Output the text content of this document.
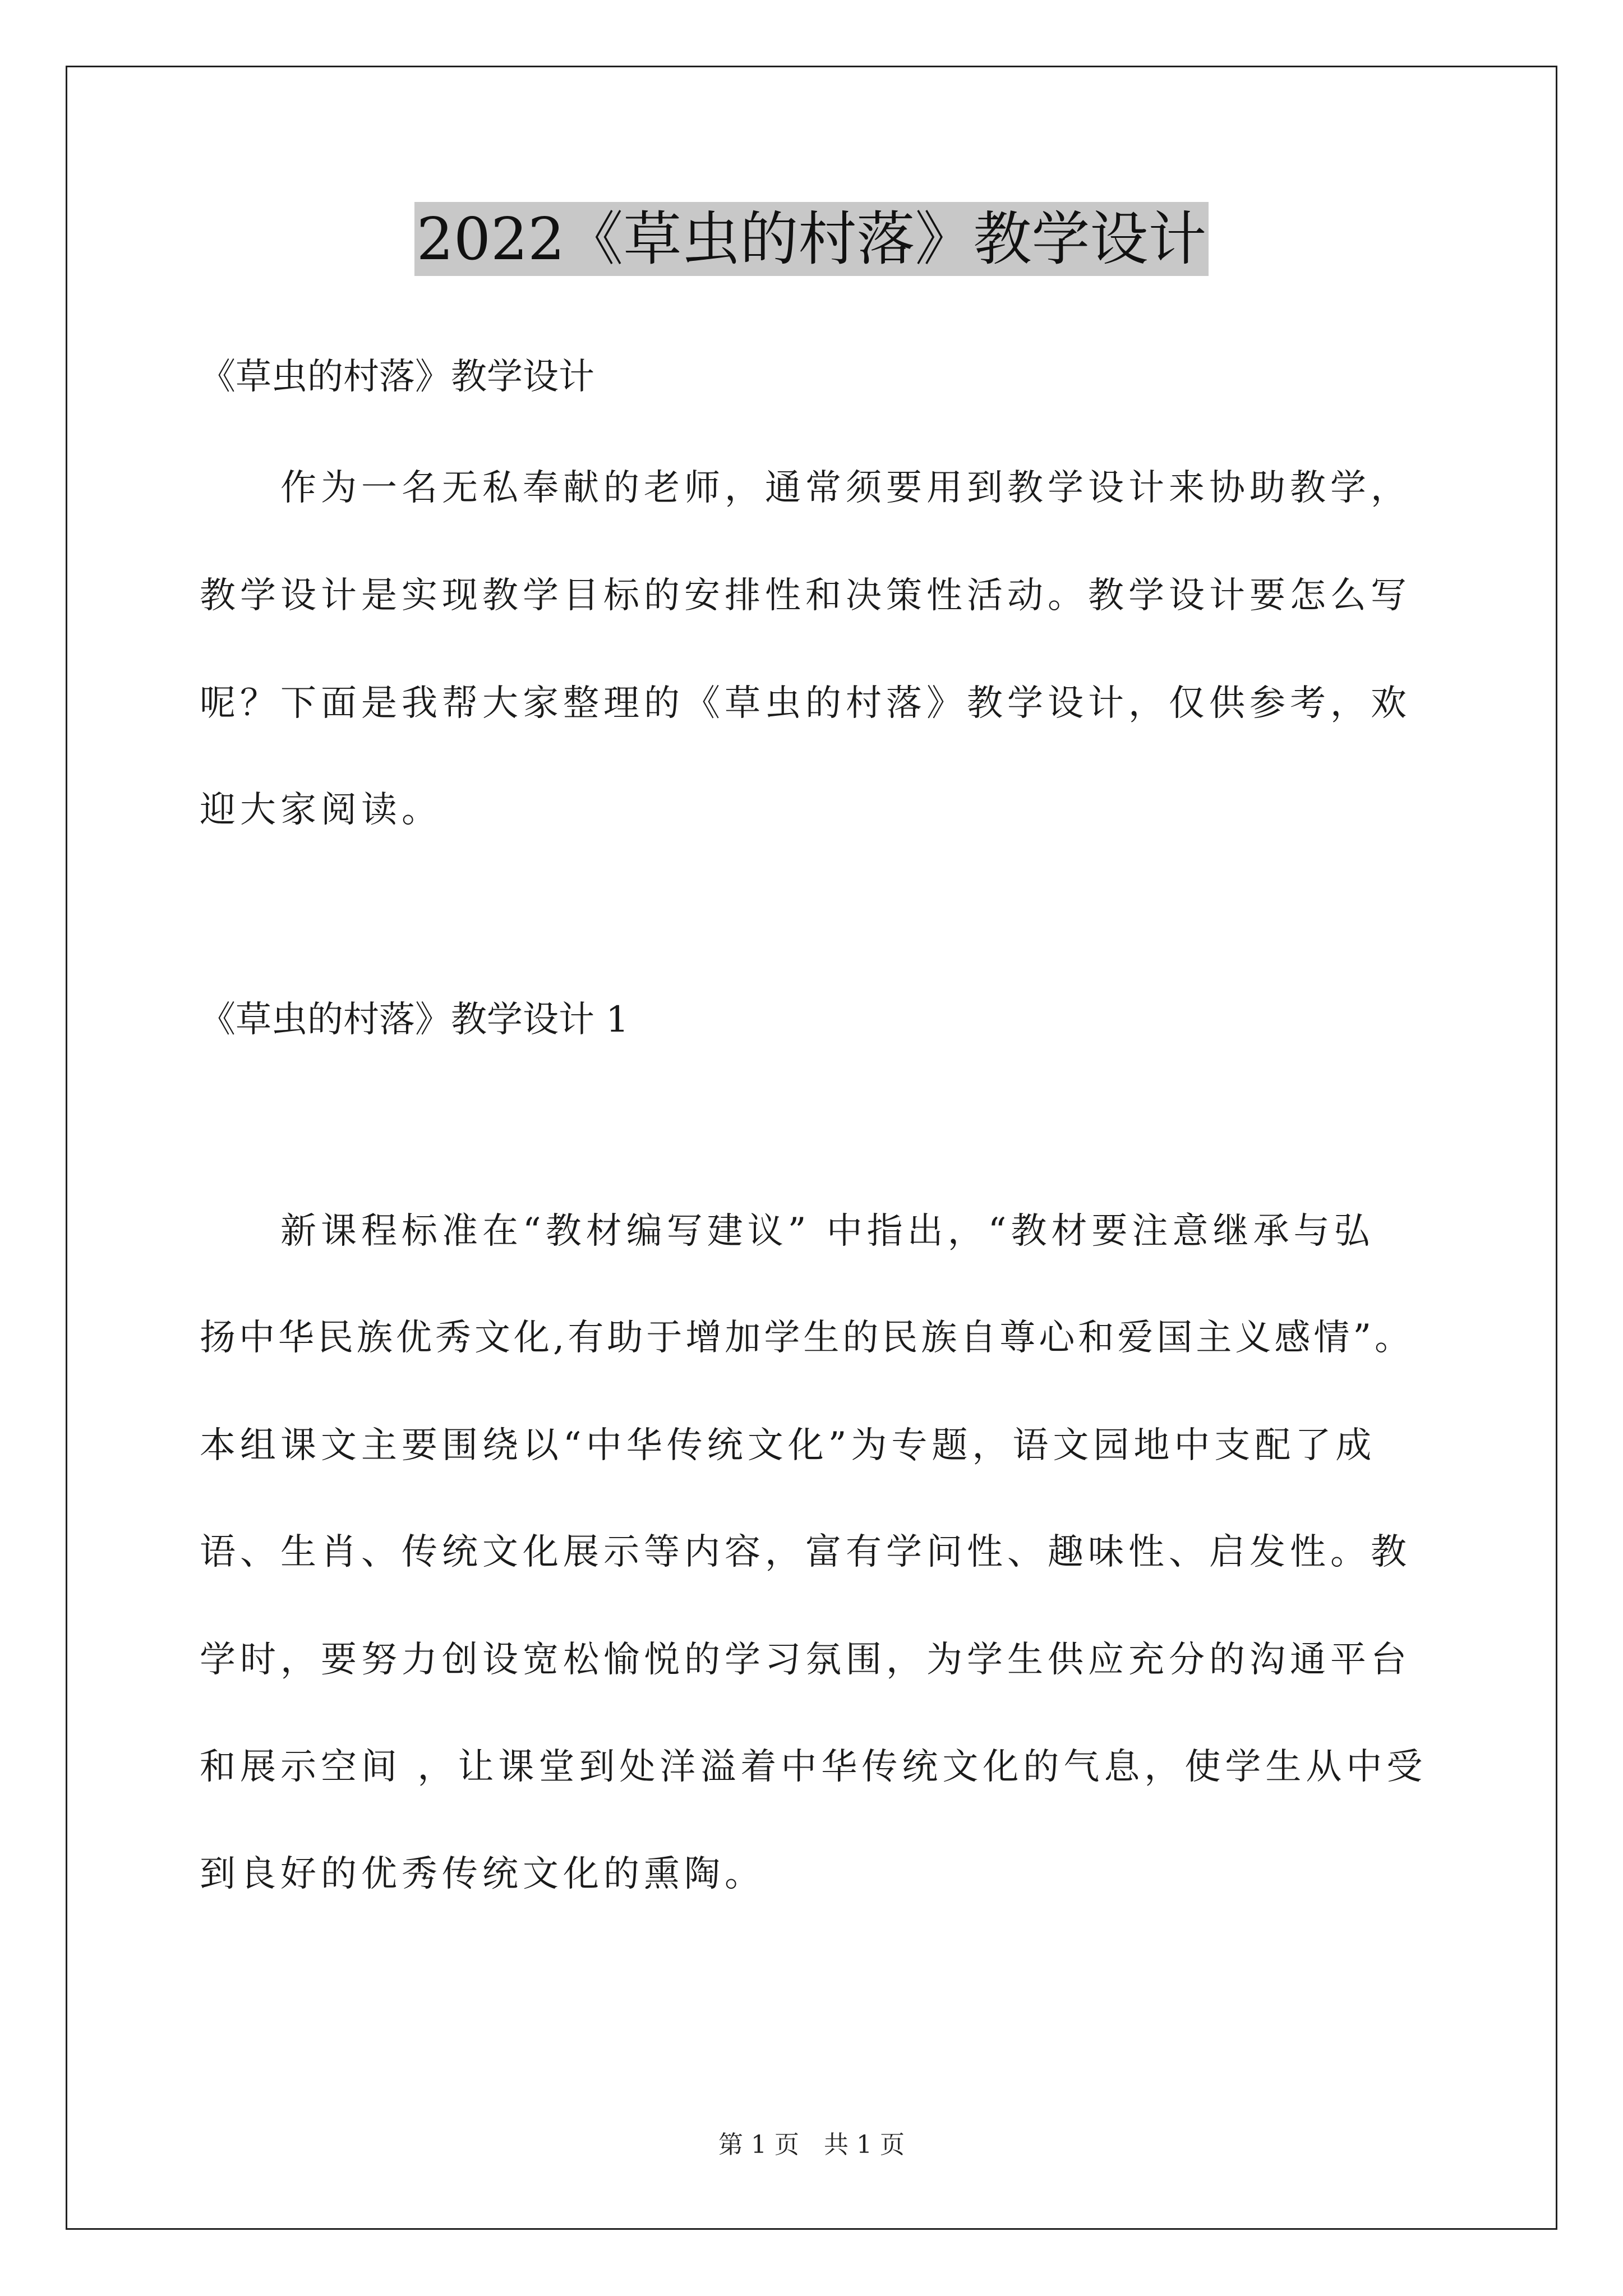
2022《草虫的村落》教学设计
《草虫的村落》教学设计
作为一名无私奉献的老师，通常须要用到教学设计来协助教学，
教学设计是实现教学目标的安排性和决策性活动。教学设计要怎么写
呢？下面是我帮大家整理的《草虫的村落》教学设计，仅供参考，欢
迎大家阅读。
《草虫的村落》教学设计 1
新课程标准在“教材编写建议” 中指出，“教材要注意继承与弘
扬中华民族优秀文化,有助于增加学生的民族自尊心和爱国主义感情”。
本组课文主要围绕以“中华传统文化”为专题，语文园地中支配了成
语、生肖、传统文化展示等内容，富有学问性、趣味性、启发性。教
学时，要努力创设宽松愉悦的学习氛围，为学生供应充分的沟通平台
和展示空间 ，让课堂到处洋溢着中华传统文化的气息，使学生从中受
到良好的优秀传统文化的熏陶。
第 1 页　共 1 页
